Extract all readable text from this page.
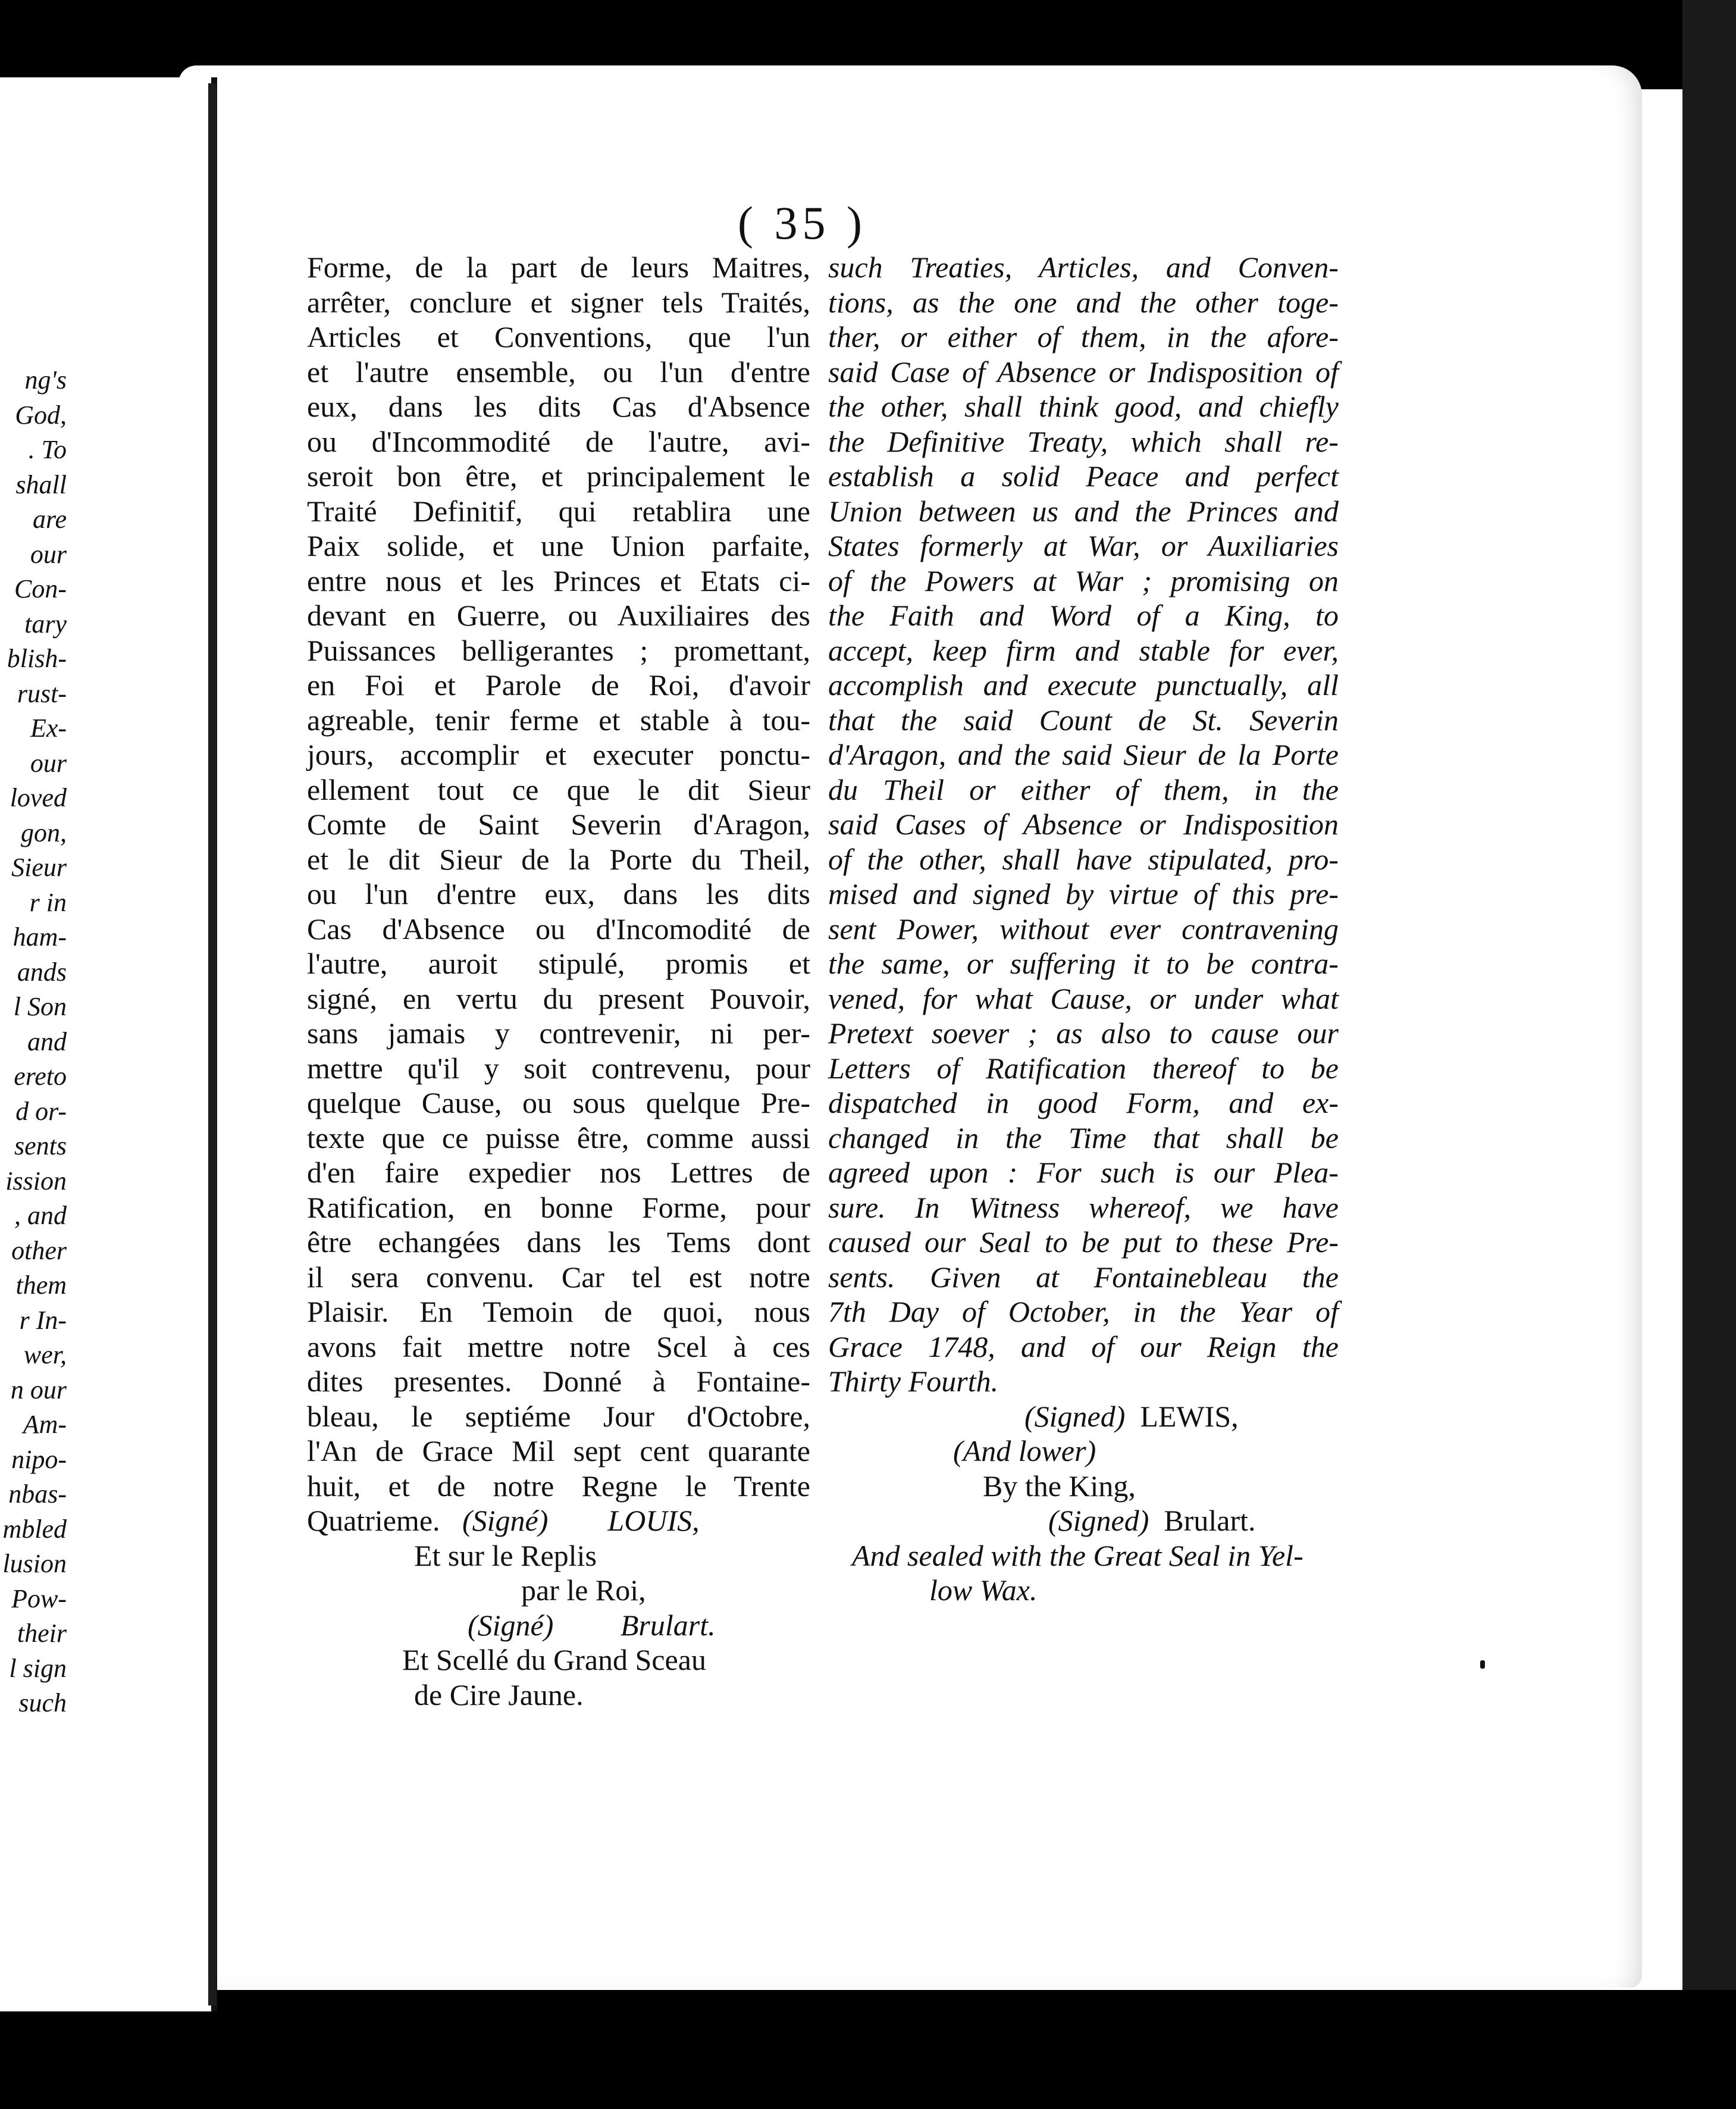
ng's
God,
. To
shall
are
our
Con-
tary
blish-
rust-
Ex-
our
loved
gon,
Sieur
r in
ham-
ands
l Son
and
ereto
d or-
sents
ission
, and
other
them
r In-
wer,
n our
Am-
nipo-
nbas-
mbled
lusion
Pow-
their
l sign
such
( 35 )
Forme, de la part de leurs Maitres,
arrêter, conclure et signer tels Traités,
Articles et Conventions, que l'un
et l'autre ensemble, ou l'un d'entre
eux, dans les dits Cas d'Absence
ou d'Incommodité de l'autre, avi-
seroit bon être, et principalement le
Traité Definitif, qui retablira une
Paix solide, et une Union parfaite,
entre nous et les Princes et Etats ci-
devant en Guerre, ou Auxiliaires des
Puissances belligerantes ; promettant,
en Foi et Parole de Roi, d'avoir
agreable, tenir ferme et stable à tou-
jours, accomplir et executer ponctu-
ellement tout ce que le dit Sieur
Comte de Saint Severin d'Aragon,
et le dit Sieur de la Porte du Theil,
ou l'un d'entre eux, dans les dits
Cas d'Absence ou d'Incomodité de
l'autre, auroit stipulé, promis et
signé, en vertu du present Pouvoir,
sans jamais y contrevenir, ni per-
mettre qu'il y soit contrevenu, pour
quelque Cause, ou sous quelque Pre-
texte que ce puisse être, comme aussi
d'en faire expedier nos Lettres de
Ratification, en bonne Forme, pour
être echangées dans les Tems dont
il sera convenu. Car tel est notre
Plaisir. En Temoin de quoi, nous
avons fait mettre notre Scel à ces
dites presentes. Donné à Fontaine-
bleau, le septiéme Jour d'Octobre,
l'An de Grace Mil sept cent quarante
huit, et de notre Regne le Trente
Quatrieme. (Signé) LOUIS,
Et sur le Replis
par le Roi,
(Signé) Brulart.
Et Scellé du Grand Sceau
de Cire Jaune.
such Treaties, Articles, and Conven-
tions, as the one and the other toge-
ther, or either of them, in the afore-
said Case of Absence or Indisposition of
the other, shall think good, and chiefly
the Definitive Treaty, which shall re-
establish a solid Peace and perfect
Union between us and the Princes and
States formerly at War, or Auxiliaries
of the Powers at War ; promising on
the Faith and Word of a King, to
accept, keep firm and stable for ever,
accomplish and execute punctually, all
that the said Count de St. Severin
d'Aragon, and the said Sieur de la Porte
du Theil or either of them, in the
said Cases of Absence or Indisposition
of the other, shall have stipulated, pro-
mised and signed by virtue of this pre-
sent Power, without ever contravening
the same, or suffering it to be contra-
vened, for what Cause, or under what
Pretext soever ; as also to cause our
Letters of Ratification thereof to be
dispatched in good Form, and ex-
changed in the Time that shall be
agreed upon : For such is our Plea-
sure. In Witness whereof, we have
caused our Seal to be put to these Pre-
sents. Given at Fontainebleau the
7th Day of October, in the Year of
Grace 1748, and of our Reign the
Thirty Fourth.
(Signed) LEWIS,
(And lower)
By the King,
(Signed) Brulart.
And sealed with the Great Seal in Yel-
low Wax.
